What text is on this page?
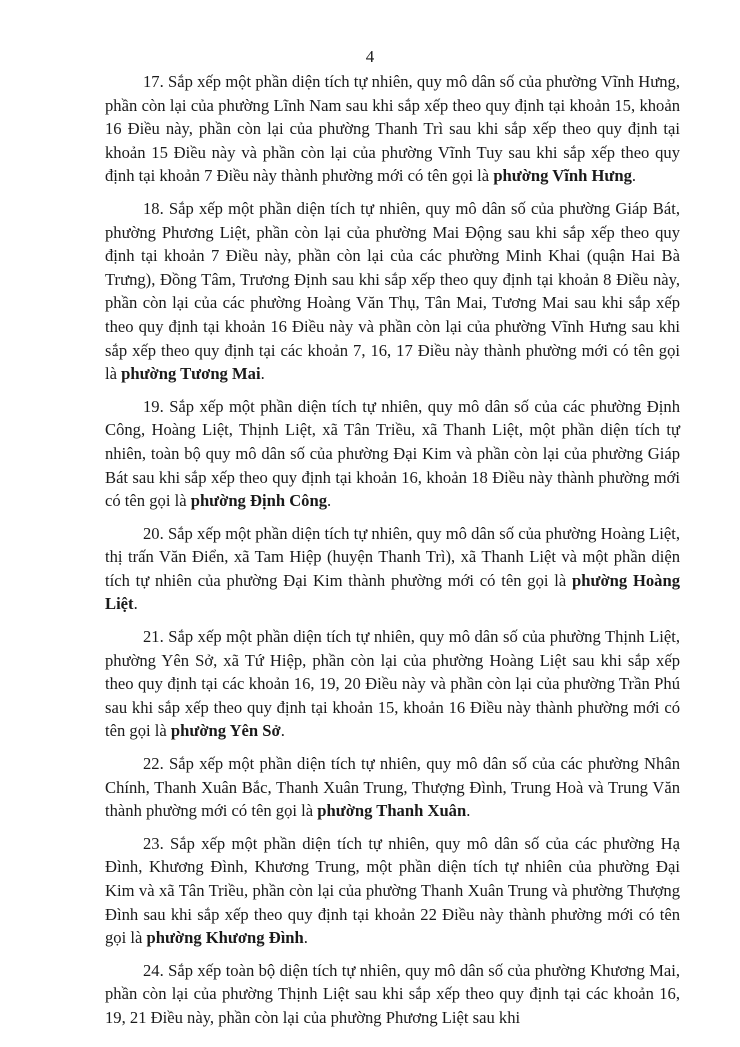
4

17. Sắp xếp một phần diện tích tự nhiên, quy mô dân số của phường Vĩnh Hưng, phần còn lại của phường Lĩnh Nam sau khi sắp xếp theo quy định tại khoản 15, khoản 16 Điều này, phần còn lại của phường Thanh Trì sau khi sắp xếp theo quy định tại khoản 15 Điều này và phần còn lại của phường Vĩnh Tuy sau khi sắp xếp theo quy định tại khoản 7 Điều này thành phường mới có tên gọi là phường Vĩnh Hưng.

18. Sắp xếp một phần diện tích tự nhiên, quy mô dân số của phường Giáp Bát, phường Phương Liệt, phần còn lại của phường Mai Động sau khi sắp xếp theo quy định tại khoản 7 Điều này, phần còn lại của các phường Minh Khai (quận Hai Bà Trưng), Đồng Tâm, Trương Định sau khi sắp xếp theo quy định tại khoản 8 Điều này, phần còn lại của các phường Hoàng Văn Thụ, Tân Mai, Tương Mai sau khi sắp xếp theo quy định tại khoản 16 Điều này và phần còn lại của phường Vĩnh Hưng sau khi sắp xếp theo quy định tại các khoản 7, 16, 17 Điều này thành phường mới có tên gọi là phường Tương Mai.

19. Sắp xếp một phần diện tích tự nhiên, quy mô dân số của các phường Định Công, Hoàng Liệt, Thịnh Liệt, xã Tân Triều, xã Thanh Liệt, một phần diện tích tự nhiên, toàn bộ quy mô dân số của phường Đại Kim và phần còn lại của phường Giáp Bát sau khi sắp xếp theo quy định tại khoản 16, khoản 18 Điều này thành phường mới có tên gọi là phường Định Công.

20. Sắp xếp một phần diện tích tự nhiên, quy mô dân số của phường Hoàng Liệt, thị trấn Văn Điển, xã Tam Hiệp (huyện Thanh Trì), xã Thanh Liệt và một phần diện tích tự nhiên của phường Đại Kim thành phường mới có tên gọi là phường Hoàng Liệt.

21. Sắp xếp một phần diện tích tự nhiên, quy mô dân số của phường Thịnh Liệt, phường Yên Sở, xã Tứ Hiệp, phần còn lại của phường Hoàng Liệt sau khi sắp xếp theo quy định tại các khoản 16, 19, 20 Điều này và phần còn lại của phường Trần Phú sau khi sắp xếp theo quy định tại khoản 15, khoản 16 Điều này thành phường mới có tên gọi là phường Yên Sở.

22. Sắp xếp một phần diện tích tự nhiên, quy mô dân số của các phường Nhân Chính, Thanh Xuân Bắc, Thanh Xuân Trung, Thượng Đình, Trung Hoà và Trung Văn thành phường mới có tên gọi là phường Thanh Xuân.

23. Sắp xếp một phần diện tích tự nhiên, quy mô dân số của các phường Hạ Đình, Khương Đình, Khương Trung, một phần diện tích tự nhiên của phường Đại Kim và xã Tân Triều, phần còn lại của phường Thanh Xuân Trung và phường Thượng Đình sau khi sắp xếp theo quy định tại khoản 22 Điều này thành phường mới có tên gọi là phường Khương Đình.

24. Sắp xếp toàn bộ diện tích tự nhiên, quy mô dân số của phường Khương Mai, phần còn lại của phường Thịnh Liệt sau khi sắp xếp theo quy định tại các khoản 16, 19, 21 Điều này, phần còn lại của phường Phương Liệt sau khi
